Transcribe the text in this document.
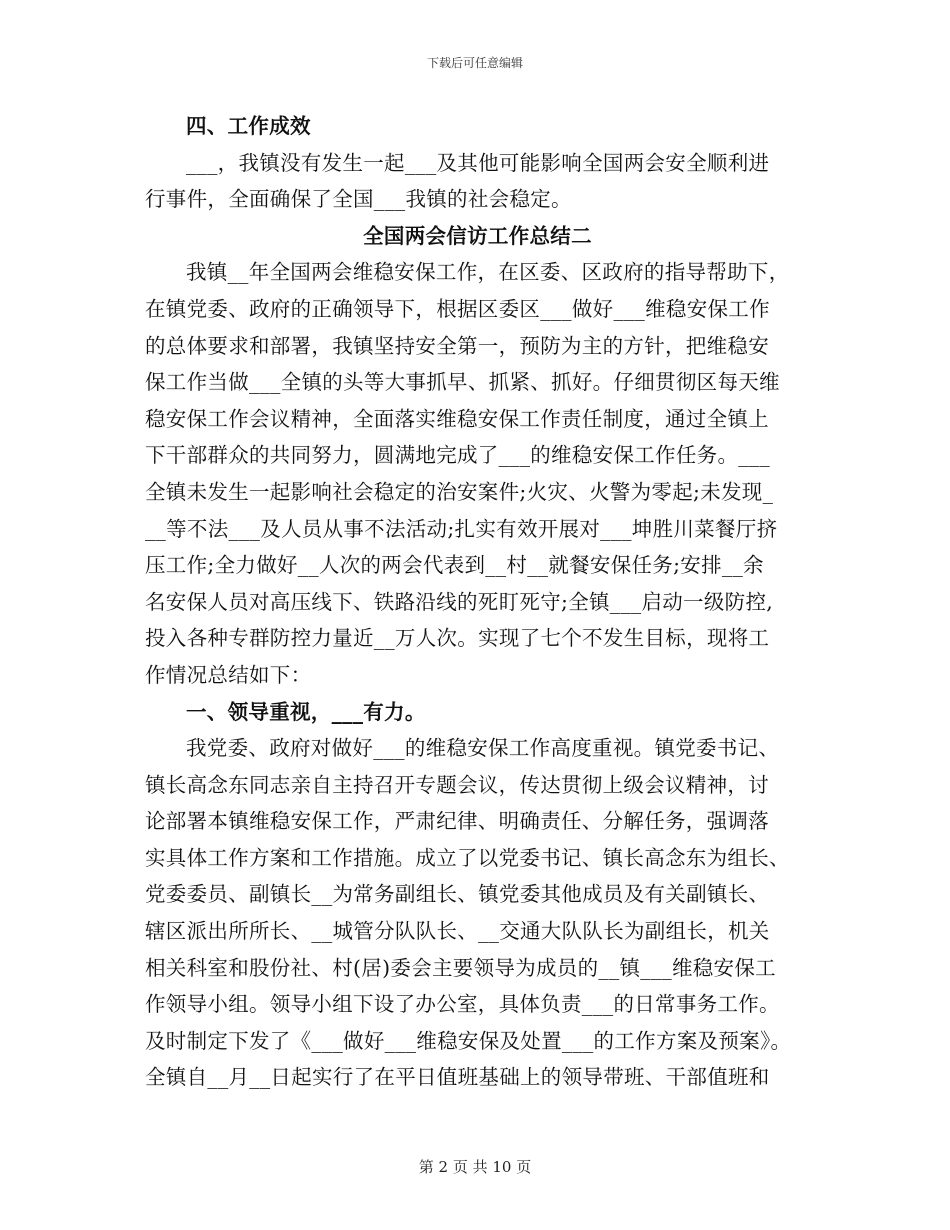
下载后可任意编辑
四、工作成效
___，我镇没有发生一起___及其他可能影响全国两会安全顺利进
行事件，全面确保了全国___我镇的社会稳定。
全国两会信访工作总结二
我镇__年全国两会维稳安保工作，在区委、区政府的指导帮助下，
在镇党委、政府的正确领导下，根据区委区___做好___维稳安保工作
的总体要求和部署，我镇坚持安全第一，预防为主的方针，把维稳安
保工作当做___全镇的头等大事抓早、抓紧、抓好。仔细贯彻区每天维
稳安保工作会议精神，全面落实维稳安保工作责任制度，通过全镇上
下干部群众的共同努力，圆满地完成了___的维稳安保工作任务。___
全镇未发生一起影响社会稳定的治安案件;火灾、火警为零起;未发现_
__等不法___及人员从事不法活动;扎实有效开展对___坤胜川菜餐厅挤
压工作;全力做好__人次的两会代表到__村__就餐安保任务;安排__余
名安保人员对高压线下、铁路沿线的死盯死守;全镇___启动一级防控,
投入各种专群防控力量近__万人次。实现了七个不发生目标，现将工
作情况总结如下：
一、领导重视，___有力。
我党委、政府对做好___的维稳安保工作高度重视。镇党委书记、
镇长高念东同志亲自主持召开专题会议，传达贯彻上级会议精神，讨
论部署本镇维稳安保工作，严肃纪律、明确责任、分解任务，强调落
实具体工作方案和工作措施。成立了以党委书记、镇长高念东为组长、
党委委员、副镇长__为常务副组长、镇党委其他成员及有关副镇长、
辖区派出所所长、__城管分队队长、__交通大队队长为副组长，机关
相关科室和股份社、村(居)委会主要领导为成员的__镇___维稳安保工
作领导小组。领导小组下设了办公室，具体负责___的日常事务工作。
及时制定下发了《___做好___维稳安保及处置___的工作方案及预案》。
全镇自__月__日起实行了在平日值班基础上的领导带班、干部值班和
第 2 页 共 10 页
